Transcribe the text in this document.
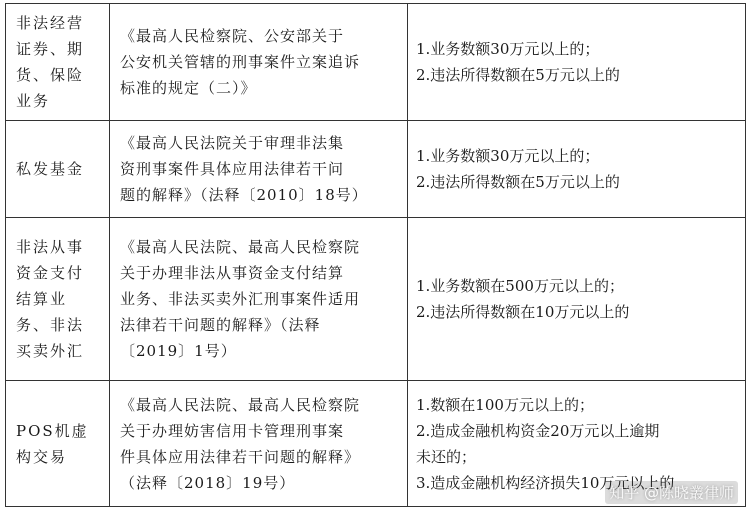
非法经营
证券、期
货、保险
业务	《最高人民检察院、公安部关于
公安机关管辖的刑事案件立案追诉
标准的规定（二）》	1.业务数额30万元以上的；
2.违法所得数额在5万元以上的

私发基金	《最高人民法院关于审理非法集
资刑事案件具体应用法律若干问
题的解释》（法释〔2010〕18号）	1.业务数额30万元以上的；
2.违法所得数额在5万元以上的

非法从事
资金支付
结算业
务、非法
买卖外汇	《最高人民法院、最高人民检察院
关于办理非法从事资金支付结算
业务、非法买卖外汇刑事案件适用
法律若干问题的解释》（法释
〔2019〕1号）	1.业务数额在500万元以上的；
2.违法所得数额在10万元以上的

POS机虚
构交易	《最高人民法院、最高人民检察院
关于办理妨害信用卡管理刑事案
件具体应用法律若干问题的解释》
（法释〔2018〕19号）	1.数额在100万元以上的；
2.造成金融机构资金20万元以上逾期
未还的；
3.造成金融机构经济损失10万元以上的
知乎 @陈晓叢律师
